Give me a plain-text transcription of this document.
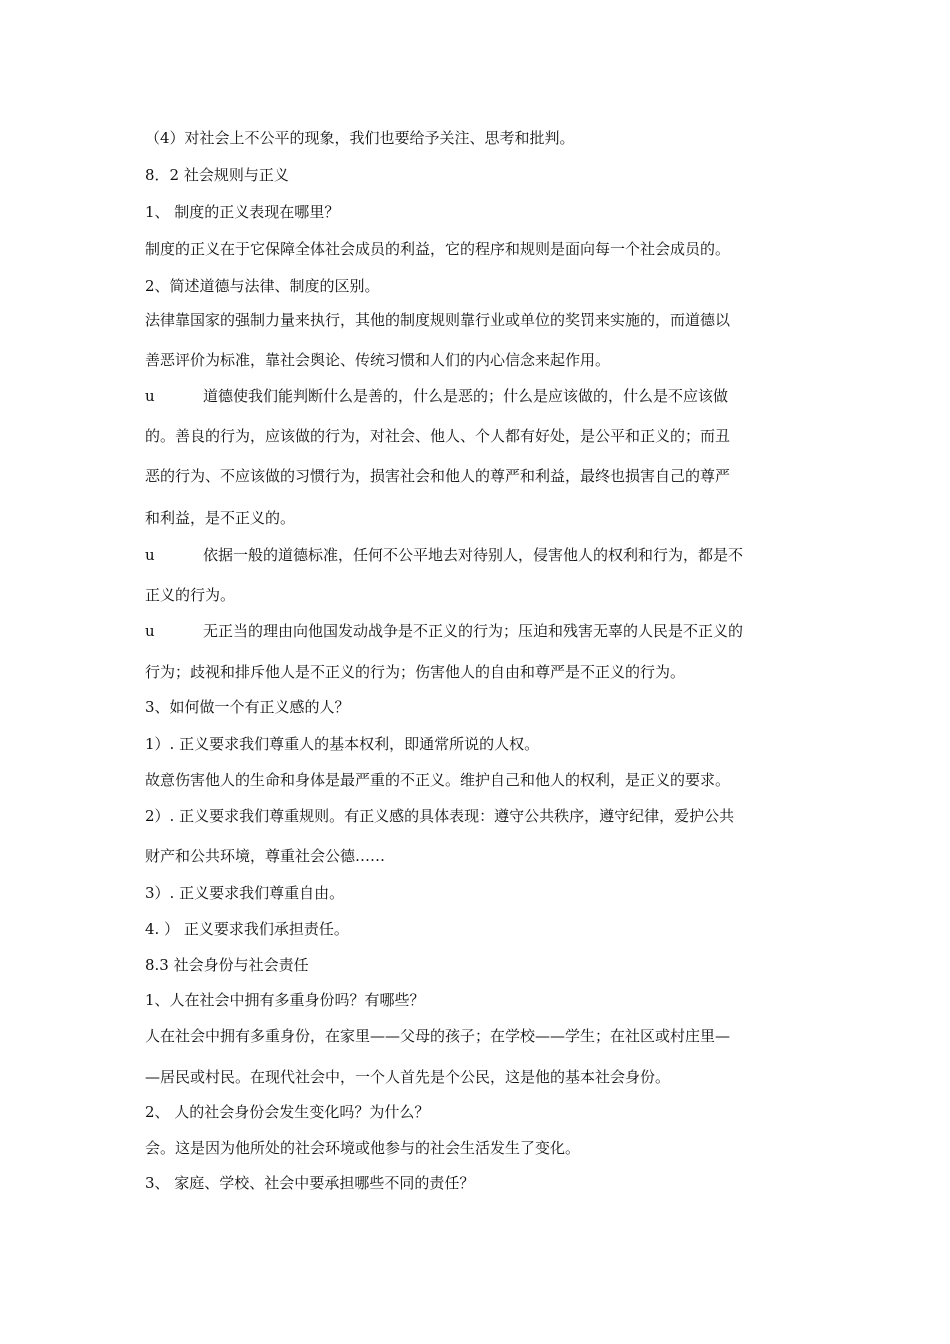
（4）对社会上不公平的现象，我们也要给予关注、思考和批判。
8．2 社会规则与正义
1、 制度的正义表现在哪里？
制度的正义在于它保障全体社会成员的利益，它的程序和规则是面向每一个社会成员的。
2、简述道德与法律、制度的区别。
法律靠国家的强制力量来执行，其他的制度规则靠行业或单位的奖罚来实施的，而道德以
善恶评价为标准，靠社会舆论、传统习惯和人们的内心信念来起作用。
u	道德使我们能判断什么是善的，什么是恶的；什么是应该做的，什么是不应该做
的。善良的行为，应该做的行为，对社会、他人、个人都有好处，是公平和正义的；而丑
恶的行为、不应该做的习惯行为，损害社会和他人的尊严和利益，最终也损害自己的尊严
和利益，是不正义的。
u	依据一般的道德标准，任何不公平地去对待别人，侵害他人的权利和行为，都是不
正义的行为。
u	无正当的理由向他国发动战争是不正义的行为；压迫和残害无辜的人民是不正义的
行为；歧视和排斥他人是不正义的行为；伤害他人的自由和尊严是不正义的行为。
3、如何做一个有正义感的人？
1）. 正义要求我们尊重人的基本权利，即通常所说的人权。
故意伤害他人的生命和身体是最严重的不正义。维护自己和他人的权利，是正义的要求。
2）. 正义要求我们尊重规则。有正义感的具体表现：遵守公共秩序，遵守纪律，爱护公共
财产和公共环境，尊重社会公德……
3）. 正义要求我们尊重自由。
4. ） 正义要求我们承担责任。
8.3 社会身份与社会责任
1、人在社会中拥有多重身份吗？有哪些？
人在社会中拥有多重身份，在家里——父母的孩子；在学校——学生；在社区或村庄里—
—居民或村民。在现代社会中，一个人首先是个公民，这是他的基本社会身份。
2、 人的社会身份会发生变化吗？为什么？
会。这是因为他所处的社会环境或他参与的社会生活发生了变化。
3、 家庭、学校、社会中要承担哪些不同的责任？
